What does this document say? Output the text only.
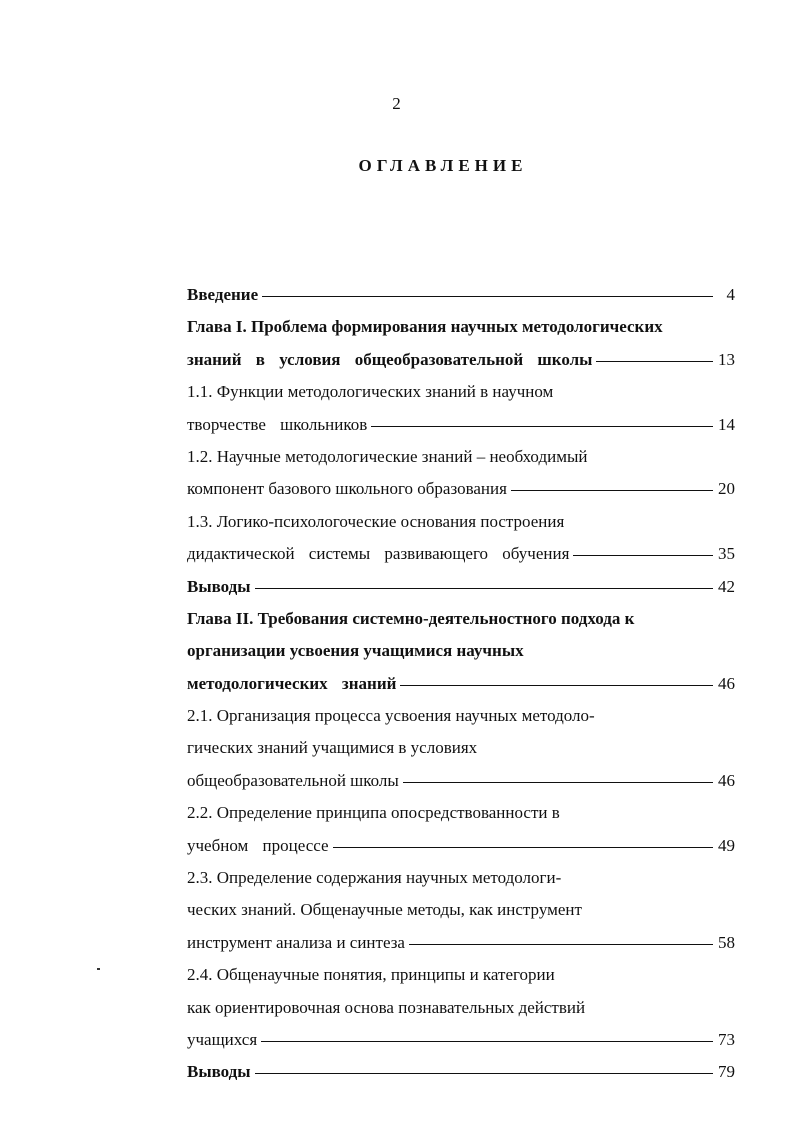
2
ОГЛАВЛЕНИЕ
Введение	4
Глава I. Проблема формирования научных методологических
знаний в условия общеобразовательной школы	13
1.1. Функции методологических знаний в научном
творчестве школьников	14
1.2. Научные методологические знаний – необходимый
компонент базового школьного образования	20
1.3. Логико-психологоческие основания построения
дидактической системы развивающего обучения	35
Выводы	42
Глава II. Требования системно-деятельностного подхода к
организации усвоения учащимися научных
методологических знаний	46
2.1. Организация процесса усвоения научных методоло-
гических знаний учащимися в условиях
общеобразовательной школы	46
2.2. Определение принципа опосредствованности в
учебном процессе	49
2.3. Определение содержания научных методологи-
ческих знаний. Общенаучные методы, как инструмент
инструмент анализа и синтеза	58
2.4. Общенаучные понятия, принципы и категории
как ориентировочная основа познавательных действий
учащихся	73
Выводы	79
